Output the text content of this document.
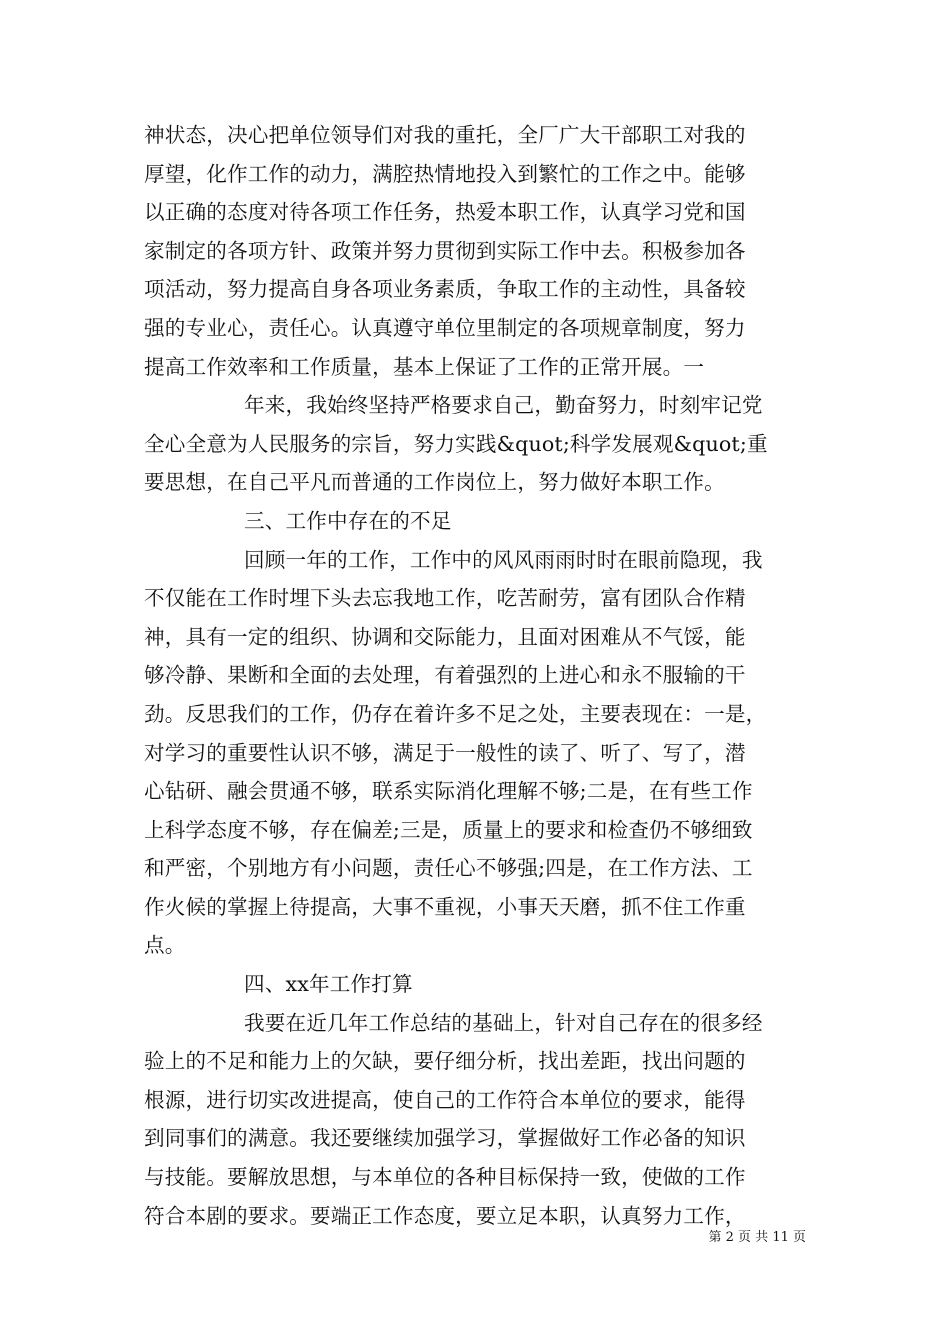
神状态，决心把单位领导们对我的重托，全厂广大干部职工对我的
厚望，化作工作的动力，满腔热情地投入到繁忙的工作之中。能够
以正确的态度对待各项工作任务，热爱本职工作，认真学习党和国
家制定的各项方针、政策并努力贯彻到实际工作中去。积极参加各
项活动，努力提高自身各项业务素质，争取工作的主动性，具备较
强的专业心，责任心。认真遵守单位里制定的各项规章制度，努力
提高工作效率和工作质量，基本上保证了工作的正常开展。一
年来，我始终坚持严格要求自己，勤奋努力，时刻牢记党
全心全意为人民服务的宗旨，努力实践&quot;科学发展观&quot;重
要思想，在自己平凡而普通的工作岗位上，努力做好本职工作。
三、工作中存在的不足
回顾一年的工作，工作中的风风雨雨时时在眼前隐现，我
不仅能在工作时埋下头去忘我地工作，吃苦耐劳，富有团队合作精
神，具有一定的组织、协调和交际能力，且面对困难从不气馁，能
够冷静、果断和全面的去处理，有着强烈的上进心和永不服输的干
劲。反思我们的工作，仍存在着许多不足之处，主要表现在：一是，
对学习的重要性认识不够，满足于一般性的读了、听了、写了，潜
心钻研、融会贯通不够，联系实际消化理解不够;二是，在有些工作
上科学态度不够，存在偏差;三是，质量上的要求和检查仍不够细致
和严密，个别地方有小问题，责任心不够强;四是，在工作方法、工
作火候的掌握上待提高，大事不重视，小事天天磨，抓不住工作重
点。
四、xx年工作打算
我要在近几年工作总结的基础上，针对自己存在的很多经
验上的不足和能力上的欠缺，要仔细分析，找出差距，找出问题的
根源，进行切实改进提高，使自己的工作符合本单位的要求，能得
到同事们的满意。我还要继续加强学习，掌握做好工作必备的知识
与技能。要解放思想，与本单位的各种目标保持一致，使做的工作
符合本剧的要求。要端正工作态度，要立足本职，认真努力工作，
第 2 页 共 11 页
